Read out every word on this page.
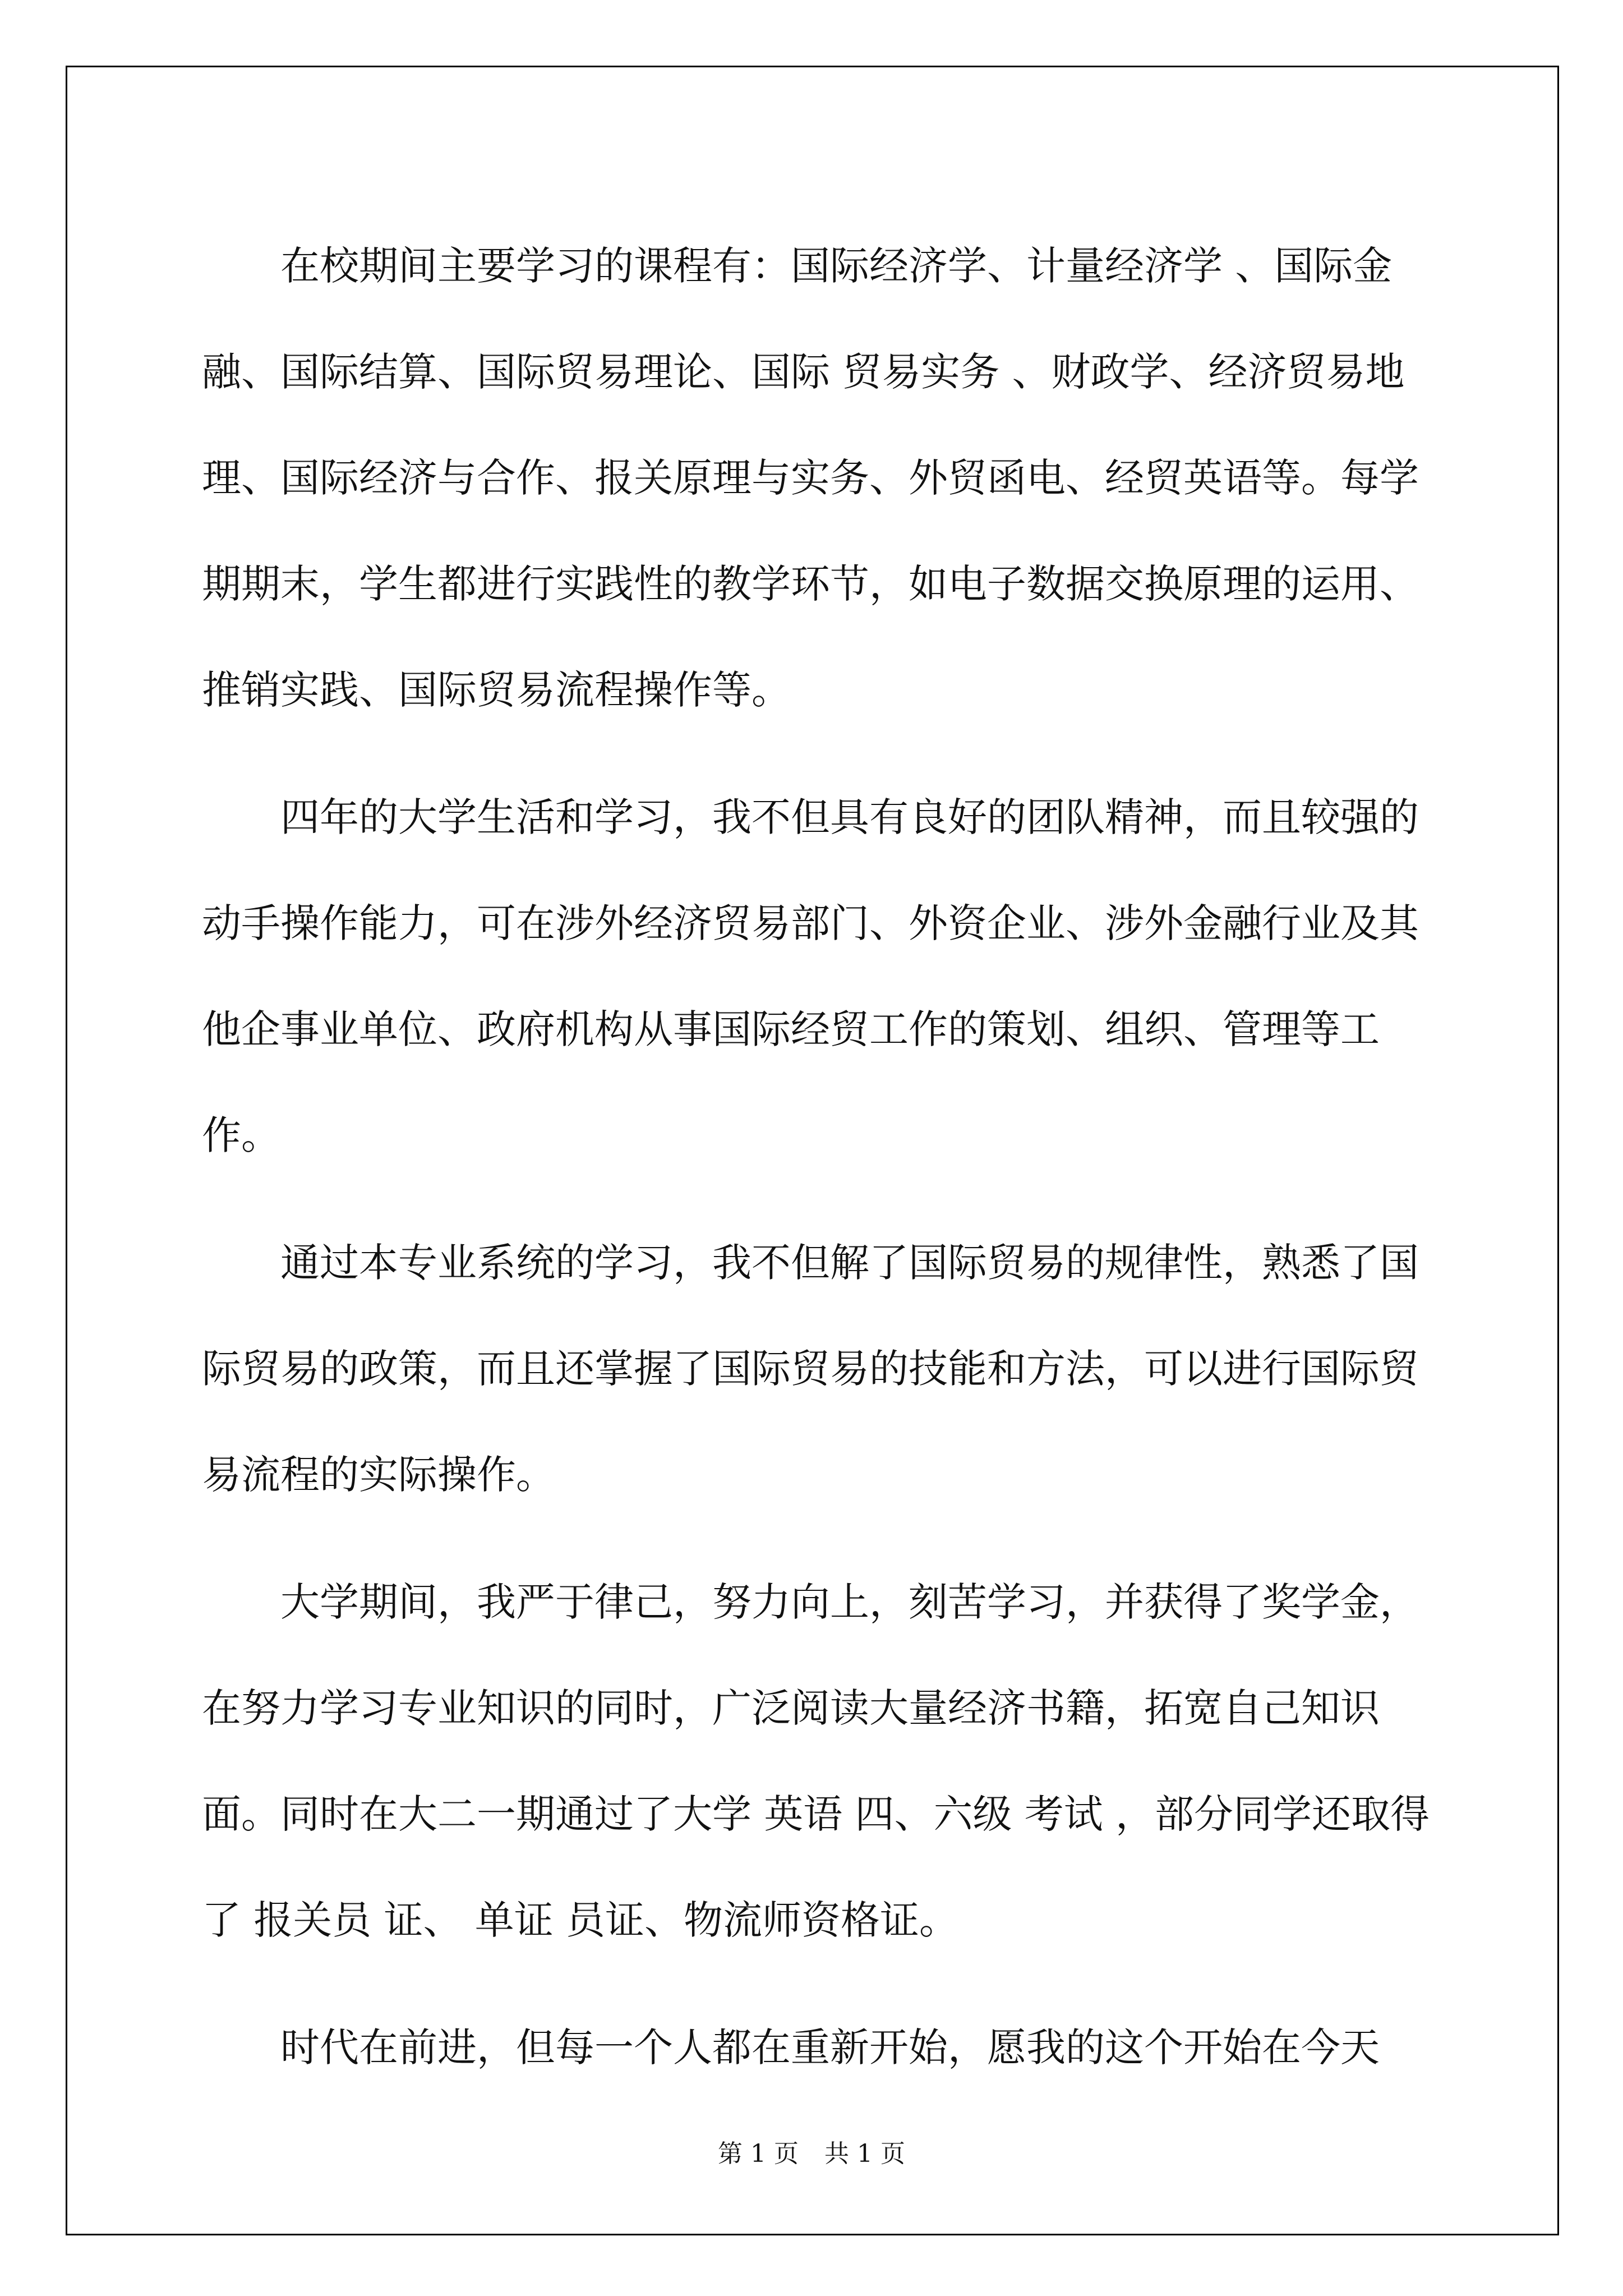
在校期间主要学习的课程有：国际经济学、计量经济学 、国际金融、国际结算、国际贸易理论、国际 贸易实务 、财政学、经济贸易地理、国际经济与合作、报关原理与实务、外贸函电、经贸英语等。每学期期末，学生都进行实践性的教学环节，如电子数据交换原理的运用、推销实践、国际贸易流程操作等。

四年的大学生活和学习，我不但具有良好的团队精神，而且较强的动手操作能力，可在涉外经济贸易部门、外资企业、涉外金融行业及其他企事业单位、政府机构从事国际经贸工作的策划、组织、管理等工作。

通过本专业系统的学习，我不但解了国际贸易的规律性，熟悉了国际贸易的政策，而且还掌握了国际贸易的技能和方法，可以进行国际贸易流程的实际操作。

大学期间，我严于律己，努力向上，刻苦学习，并获得了奖学金，在努力学习专业知识的同时，广泛阅读大量经济书籍，拓宽自己知识面。同时在大二一期通过了大学 英语 四、六级 考试 ，部分同学还取得了 报关员 证、 单证 员证、物流师资格证。

时代在前进，但每一个人都在重新开始，愿我的这个开始在今天

第 1 页 共 1 页
